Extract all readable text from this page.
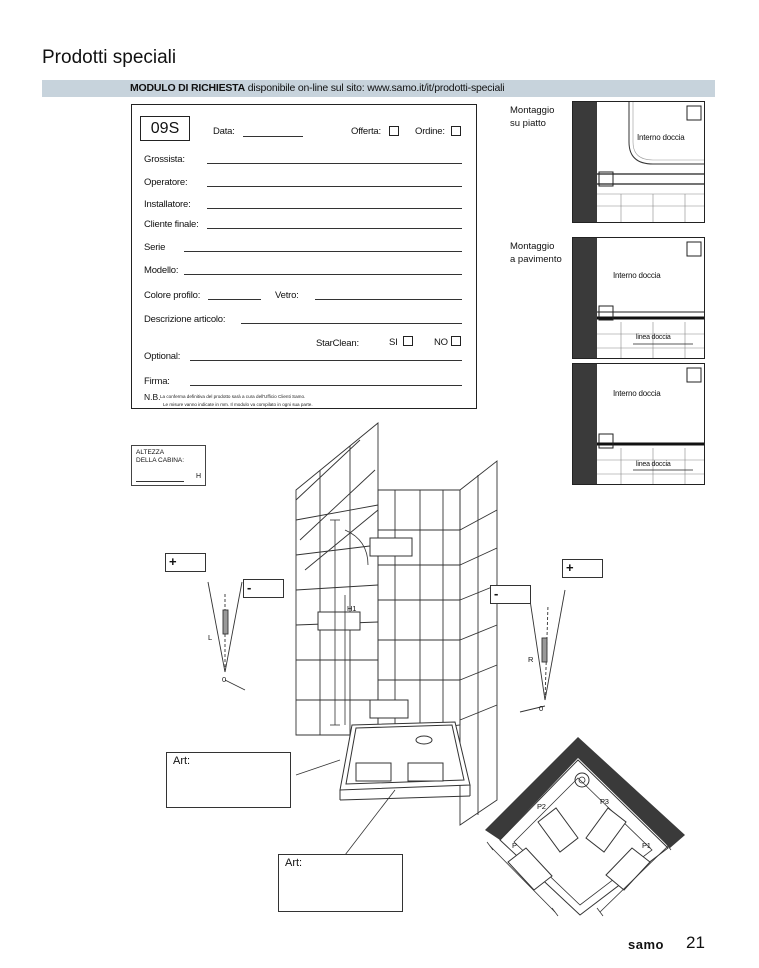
Prodotti speciali
MODULO DI RICHIESTA disponibile on-line sul sito: www.samo.it/it/prodotti-speciali
09S	Data:	Offerta:	Ordine:
Grossista:
Operatore:
Installatore:
Cliente finale:
Serie
Modello:
Colore profilo:	Vetro:
Descrizione articolo:
StarClean:	SI	NO
Optional:
Firma:
N.B. La conferma definitiva del prodotto sarà a cura dell'Ufficio Clienti Samo.
Le misure vanno indicate in mm. Il modulo va compilato in ogni sua parte.
Montaggio
su piatto
Montaggio
a pavimento
Interno doccia
Interno doccia
linea doccia
Interno doccia
linea doccia
ALTEZZA
DELLA CABINA:
H
H1
+
-
+
-
L
0
R
0
Art:
Art:
P2
P3
P	P1
samo 21
